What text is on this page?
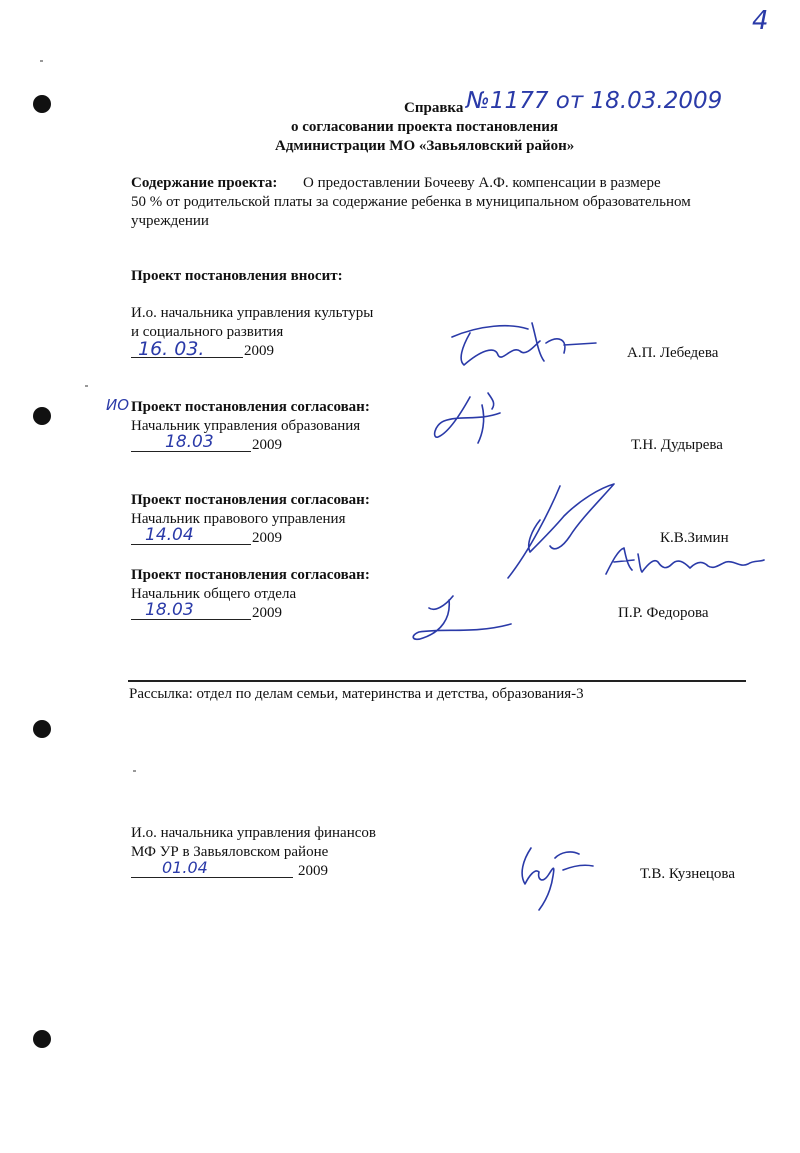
4
Справка №1177 от 18.03.2009
о согласовании проекта постановления
Администрации МО «Завьяловский район»
Содержание проекта: О предоставлении Бочееву А.Ф. компенсации в размере
50 % от родительской платы за содержание ребенка в муниципальном образовательном
учреждении
Проект постановления вносит:
И.о. начальника управления культуры
и социального развития
16. 03.	2009	А.П. Лебедева
ИО Проект постановления согласован:
Начальник управления образования
18.03	2009	Т.Н. Дудырева
Проект постановления согласован:
Начальник правового управления
14.04	2009	К.В.Зимин
Проект постановления согласован:
Начальник общего отдела
18.03	2009	П.Р. Федорова
Рассылка: отдел по делам семьи, материнства и детства, образования-3
И.о. начальника управления финансов
МФ УР в Завьяловском районе
01.04	2009	Т.В. Кузнецова
